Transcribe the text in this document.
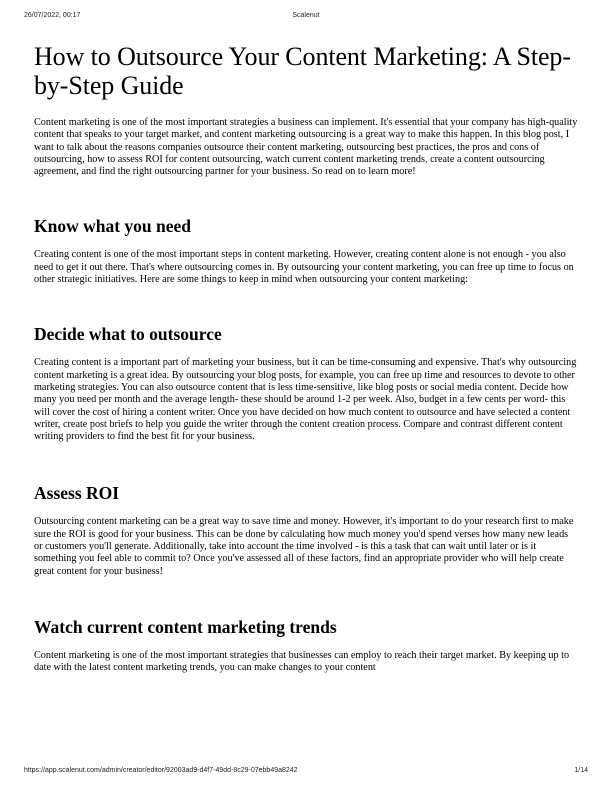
26/07/2022, 00:17	Scalenut
How to Outsource Your Content Marketing: A Step-by-Step Guide

Content marketing is one of the most important strategies a business can implement. It's essential that your company has high-quality content that speaks to your target market, and content marketing outsourcing is a great way to make this happen. In this blog post, I want to talk about the reasons companies outsource their content marketing, outsourcing best practices, the pros and cons of outsourcing, how to assess ROI for content outsourcing, watch current content marketing trends, create a content outsourcing agreement, and find the right outsourcing partner for your business. So read on to learn more!

Know what you need

Creating content is one of the most important steps in content marketing. However, creating content alone is not enough - you also need to get it out there. That's where outsourcing comes in. By outsourcing your content marketing, you can free up time to focus on other strategic initiatives. Here are some things to keep in mind when outsourcing your content marketing:

Decide what to outsource

Creating content is a important part of marketing your business, but it can be time-consuming and expensive. That's why outsourcing content marketing is a great idea. By outsourcing your blog posts, for example, you can free up time and resources to devote to other marketing strategies. You can also outsource content that is less time-sensitive, like blog posts or social media content. Decide how many you need per month and the average length- these should be around 1-2 per week. Also, budget in a few cents per word- this will cover the cost of hiring a content writer. Once you have decided on how much content to outsource and have selected a content writer, create post briefs to help you guide the writer through the content creation process. Compare and contrast different content writing providers to find the best fit for your business.

Assess ROI

Outsourcing content marketing can be a great way to save time and money. However, it's important to do your research first to make sure the ROI is good for your business. This can be done by calculating how much money you'd spend verses how many new leads or customers you'll generate. Additionally, take into account the time involved - is this a task that can wait until later or is it something you feel able to commit to? Once you've assessed all of these factors, find an appropriate provider who will help create great content for your business!

Watch current content marketing trends

Content marketing is one of the most important strategies that businesses can employ to reach their target market. By keeping up to date with the latest content marketing trends, you can make changes to your content

https://app.scalenut.com/admin/creator/editor/92003ad9-d4f7-49dd-8c29-07ebb49a8242	1/14
